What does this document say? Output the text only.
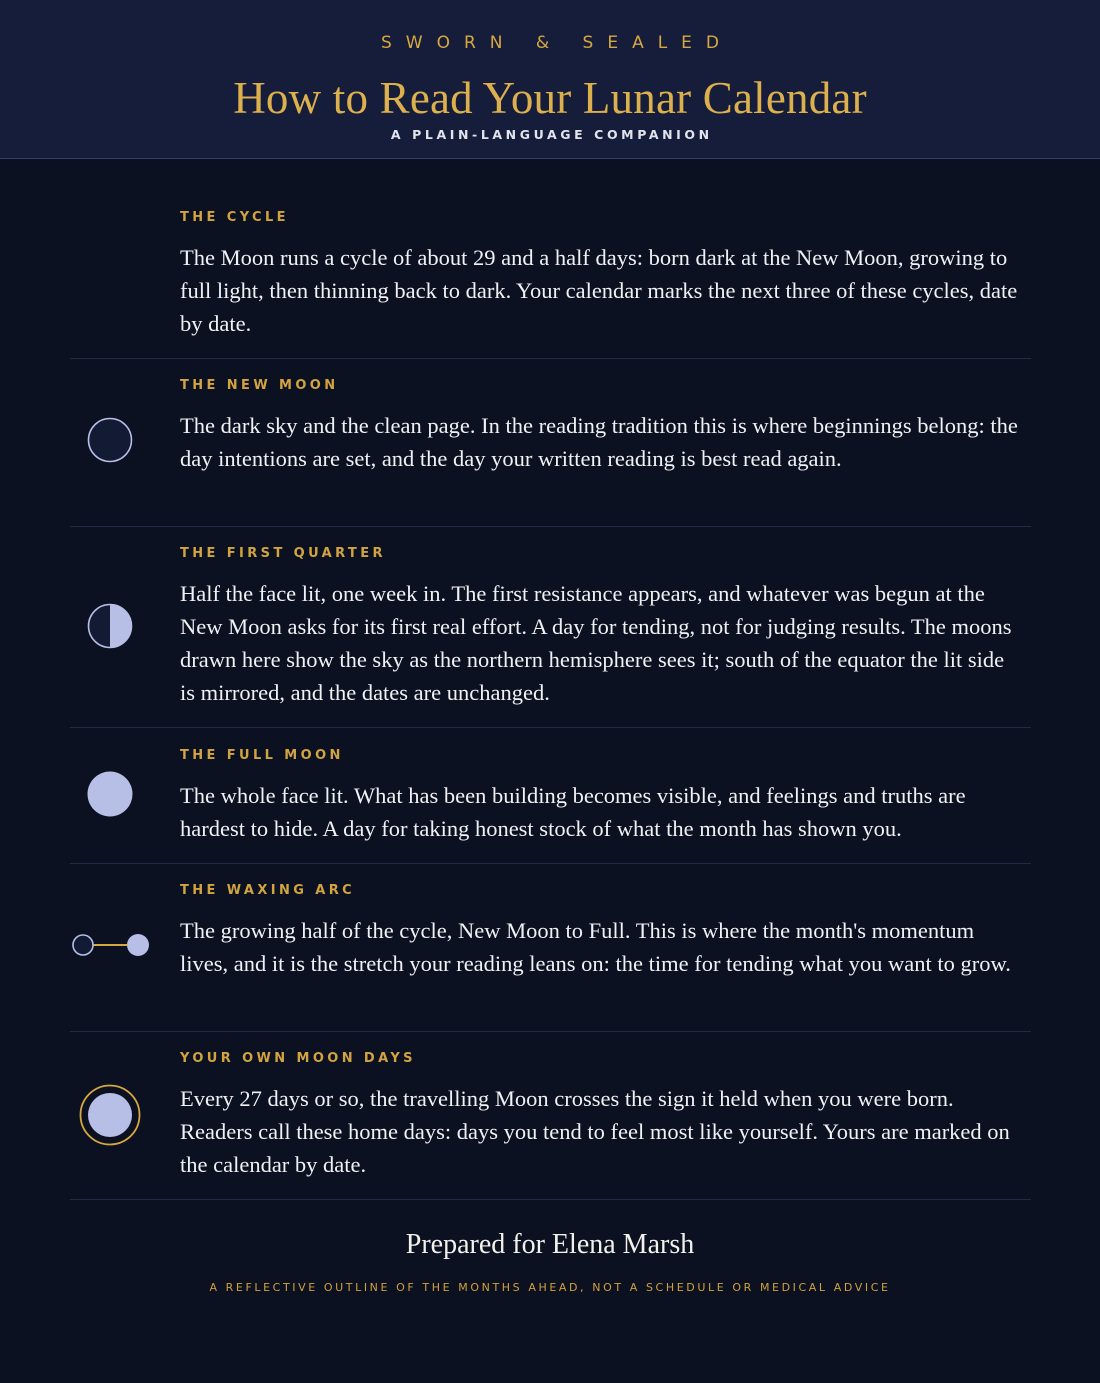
SWORN & SEALED
How to Read Your Lunar Calendar
A PLAIN-LANGUAGE COMPANION
THE CYCLE
The Moon runs a cycle of about 29 and a half days: born dark at the New Moon, growing to full light, then thinning back to dark. Your calendar marks the next three of these cycles, date by date.
THE NEW MOON
The dark sky and the clean page. In the reading tradition this is where beginnings belong: the day intentions are set, and the day your written reading is best read again.
THE FIRST QUARTER
Half the face lit, one week in. The first resistance appears, and whatever was begun at the New Moon asks for its first real effort. A day for tending, not for judging results. The moons drawn here show the sky as the northern hemisphere sees it; south of the equator the lit side is mirrored, and the dates are unchanged.
THE FULL MOON
The whole face lit. What has been building becomes visible, and feelings and truths are hardest to hide. A day for taking honest stock of what the month has shown you.
THE WAXING ARC
The growing half of the cycle, New Moon to Full. This is where the month's momentum lives, and it is the stretch your reading leans on: the time for tending what you want to grow.
YOUR OWN MOON DAYS
Every 27 days or so, the travelling Moon crosses the sign it held when you were born. Readers call these home days: days you tend to feel most like yourself. Yours are marked on the calendar by date.
Prepared for Elena Marsh
A REFLECTIVE OUTLINE OF THE MONTHS AHEAD, NOT A SCHEDULE OR MEDICAL ADVICE
